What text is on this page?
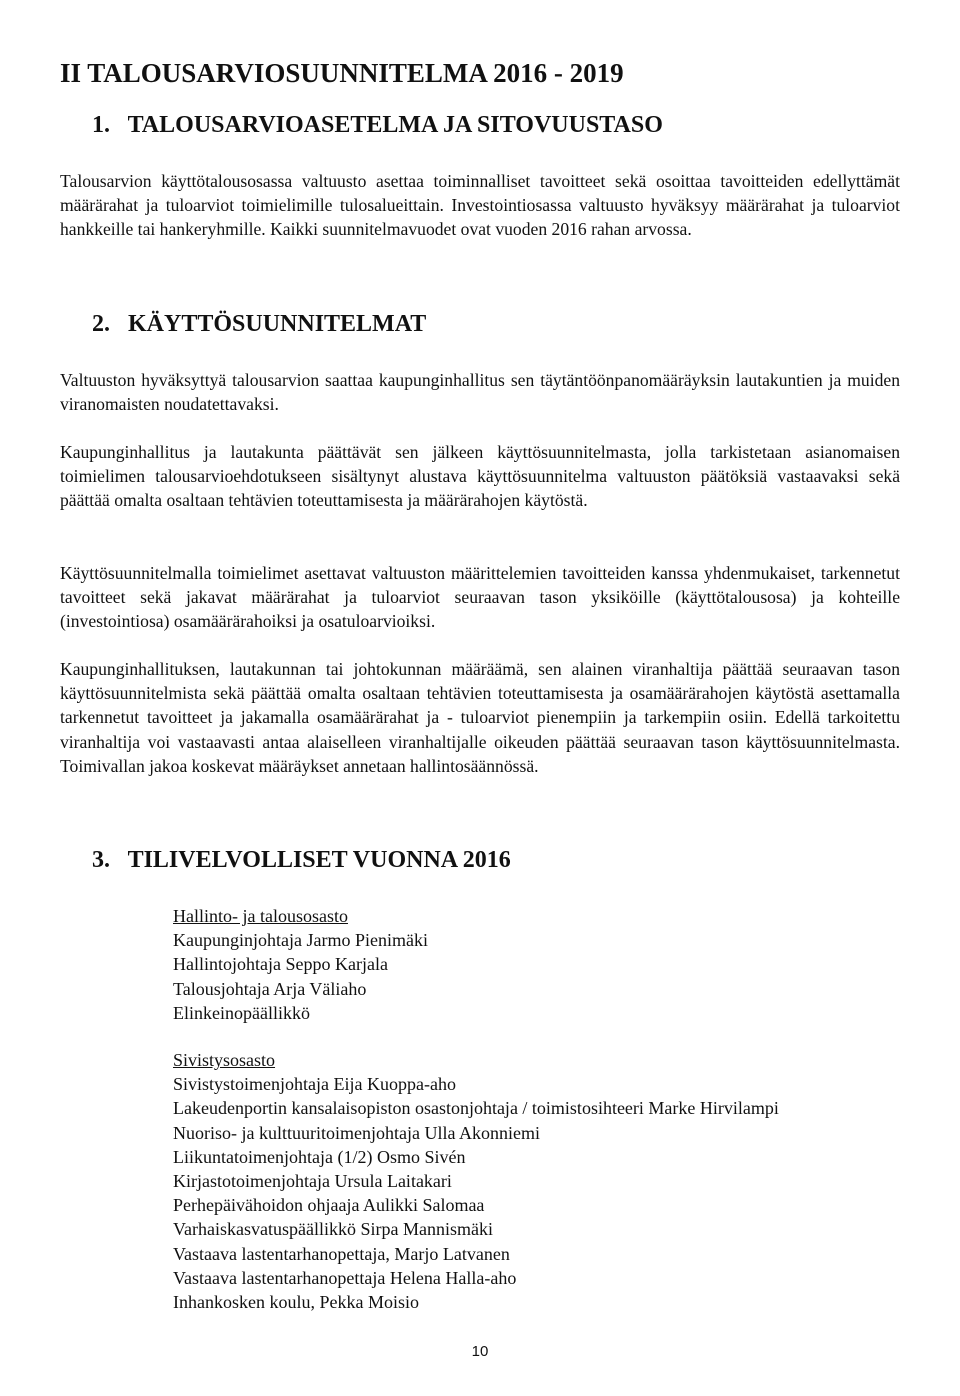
II TALOUSARVIOSUUNNITELMA 2016 - 2019
1. TALOUSARVIOASETELMA JA SITOVUUSTASO

Talousarvion käyttötalousosassa valtuusto asettaa toiminnalliset tavoitteet sekä osoittaa tavoitteiden edellyttämät määrärahat ja tuloarviot toimielimille tulosalueittain. Investointiosassa valtuusto hyväksyy määrärahat ja tuloarviot hankkeille tai hankeryhmille. Kaikki suunnitelmavuodet ovat vuoden 2016 rahan arvossa.

2. KÄYTTÖSUUNNITELMAT

Valtuuston hyväksyttyä talousarvion saattaa kaupunginhallitus sen täytäntöönpanomääräyksin lautakuntien ja muiden viranomaisten noudatettavaksi.

Kaupunginhallitus ja lautakunta päättävät sen jälkeen käyttösuunnitelmasta, jolla tarkistetaan asianomaisen toimielimen talousarvioehdotukseen sisältynyt alustava käyttösuunnitelma valtuuston päätöksiä vastaavaksi sekä päättää omalta osaltaan tehtävien toteuttamisesta ja määrärahojen käytöstä.

Käyttösuunnitelmalla toimielimet asettavat valtuuston määrittelemien tavoitteiden kanssa yhdenmukaiset, tarkennetut tavoitteet sekä jakavat määrärahat ja tuloarviot seuraavan tason yksiköille (käyttötalousosa) ja kohteille (investointiosa) osamäärärahoiksi ja osatuloarvioiksi.

Kaupunginhallituksen, lautakunnan tai johtokunnan määräämä, sen alainen viranhaltija päättää seuraavan tason käyttösuunnitelmista sekä päättää omalta osaltaan tehtävien toteuttamisesta ja osamäärärahojen käytöstä asettamalla tarkennetut tavoitteet ja jakamalla osamäärärahat ja - tuloarviot pienempiin ja tarkempiin osiin. Edellä tarkoitettu viranhaltija voi vastaavasti antaa alaiselleen viranhaltijalle oikeuden päättää seuraavan tason käyttösuunnitelmasta. Toimivallan jakoa koskevat määräykset annetaan hallintosäännössä.

3. TILIVELVOLLISET VUONNA 2016
Hallinto- ja talousosasto
Kaupunginjohtaja Jarmo Pienimäki
Hallintojohtaja Seppo Karjala
Talousjohtaja Arja Väliaho
Elinkeinopäällikkö
Sivistysosasto
Sivistystoimenjohtaja Eija Kuoppa-aho
Lakeudenportin kansalaisopiston osastonjohtaja / toimistosihteeri Marke Hirvilampi
Nuoriso- ja kulttuuritoimenjohtaja Ulla Akonniemi
Liikuntatoimenjohtaja (1/2) Osmo Sivén
Kirjastotoimenjohtaja Ursula Laitakari
Perhepäivähoidon ohjaaja Aulikki Salomaa
Varhaiskasvatuspäällikkö Sirpa Mannismäki
Vastaava lastentarhanopettaja, Marjo Latvanen
Vastaava lastentarhanopettaja Helena Halla-aho
Inhankosken koulu, Pekka Moisio
10
